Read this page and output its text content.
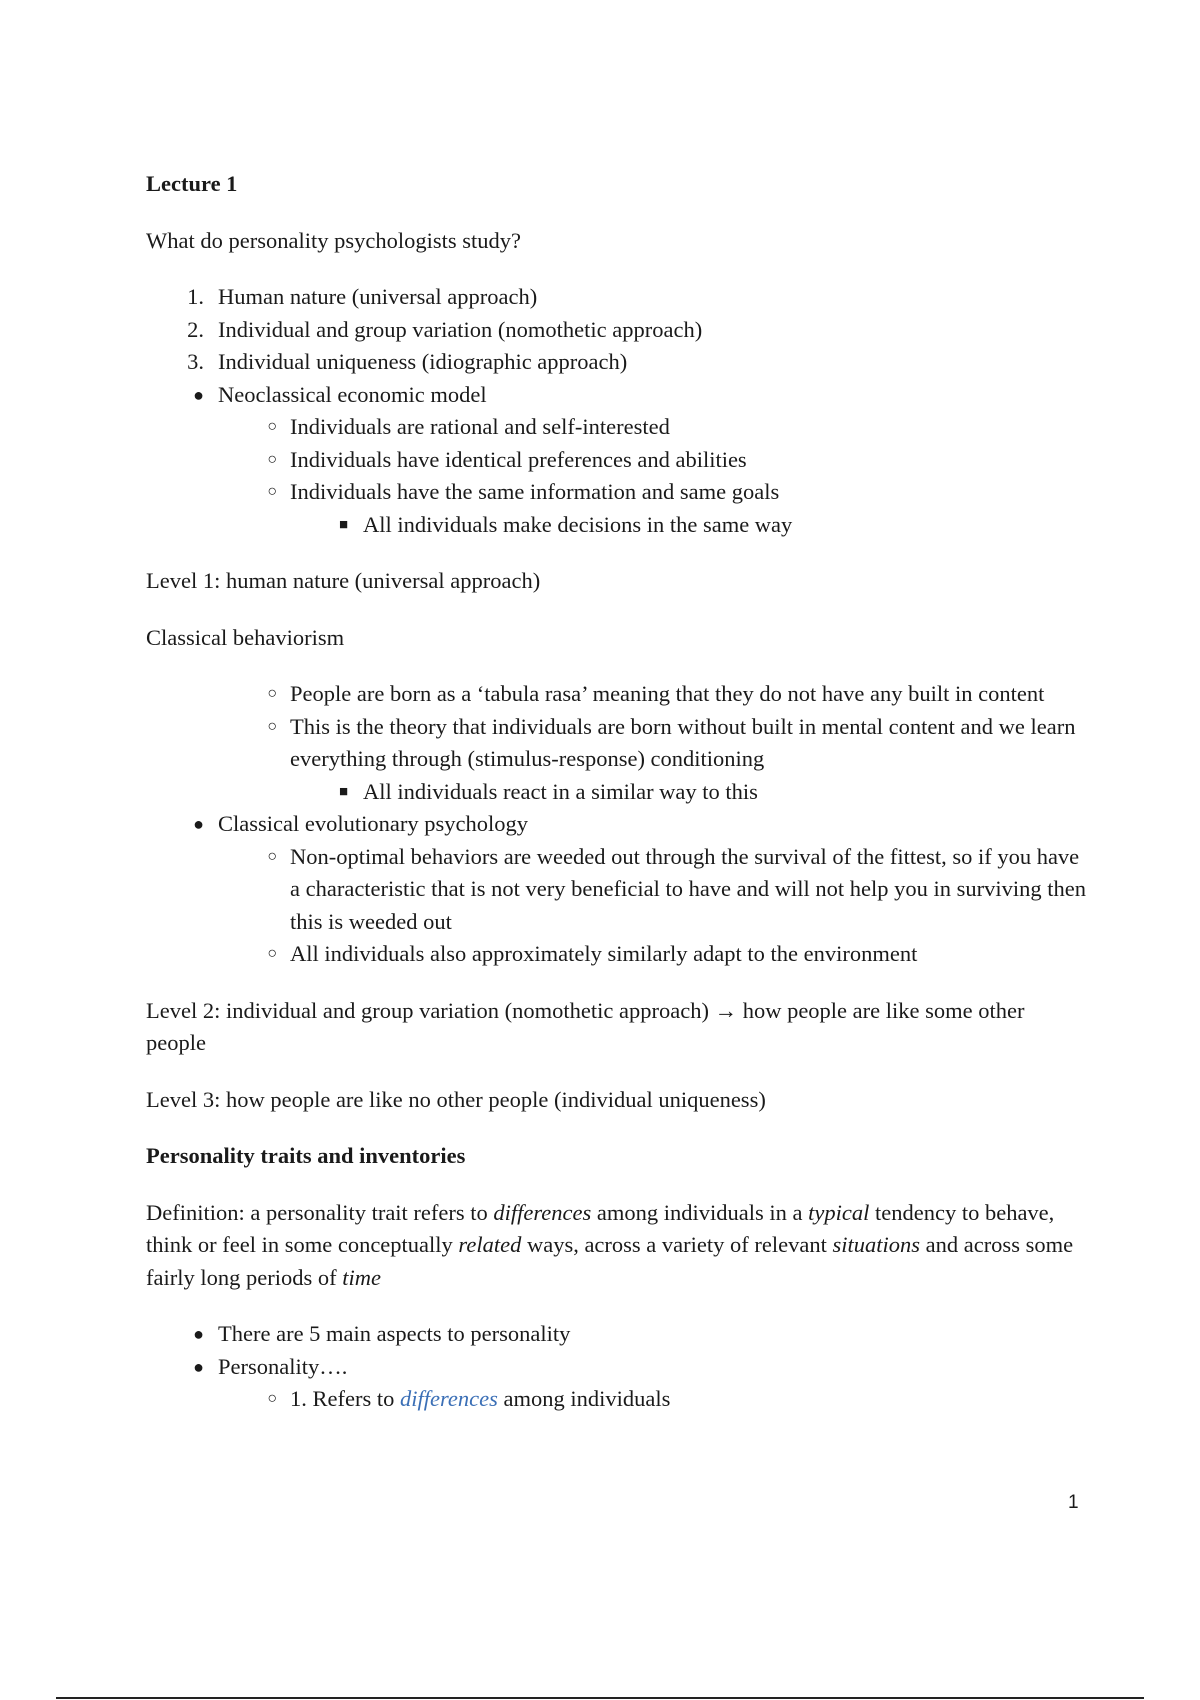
Lecture 1

What do personality psychologists study?

1. Human nature (universal approach)
2. Individual and group variation (nomothetic approach)
3. Individual uniqueness (idiographic approach)
● Neoclassical economic model
○ Individuals are rational and self-interested
○ Individuals have identical preferences and abilities
○ Individuals have the same information and same goals
■ All individuals make decisions in the same way

Level 1: human nature (universal approach)

Classical behaviorism

○ People are born as a ‘tabula rasa’ meaning that they do not have any built in content
○ This is the theory that individuals are born without built in mental content and we learn everything through (stimulus-response) conditioning
■ All individuals react in a similar way to this
● Classical evolutionary psychology
○ Non-optimal behaviors are weeded out through the survival of the fittest, so if you have a characteristic that is not very beneficial to have and will not help you in surviving then this is weeded out
○ All individuals also approximately similarly adapt to the environment

Level 2: individual and group variation (nomothetic approach) → how people are like some other people

Level 3: how people are like no other people (individual uniqueness)

Personality traits and inventories

Definition: a personality trait refers to differences among individuals in a typical tendency to behave, think or feel in some conceptually related ways, across a variety of relevant situations and across some fairly long periods of time

● There are 5 main aspects to personality
● Personality….
○ 1. Refers to differences among individuals
1
